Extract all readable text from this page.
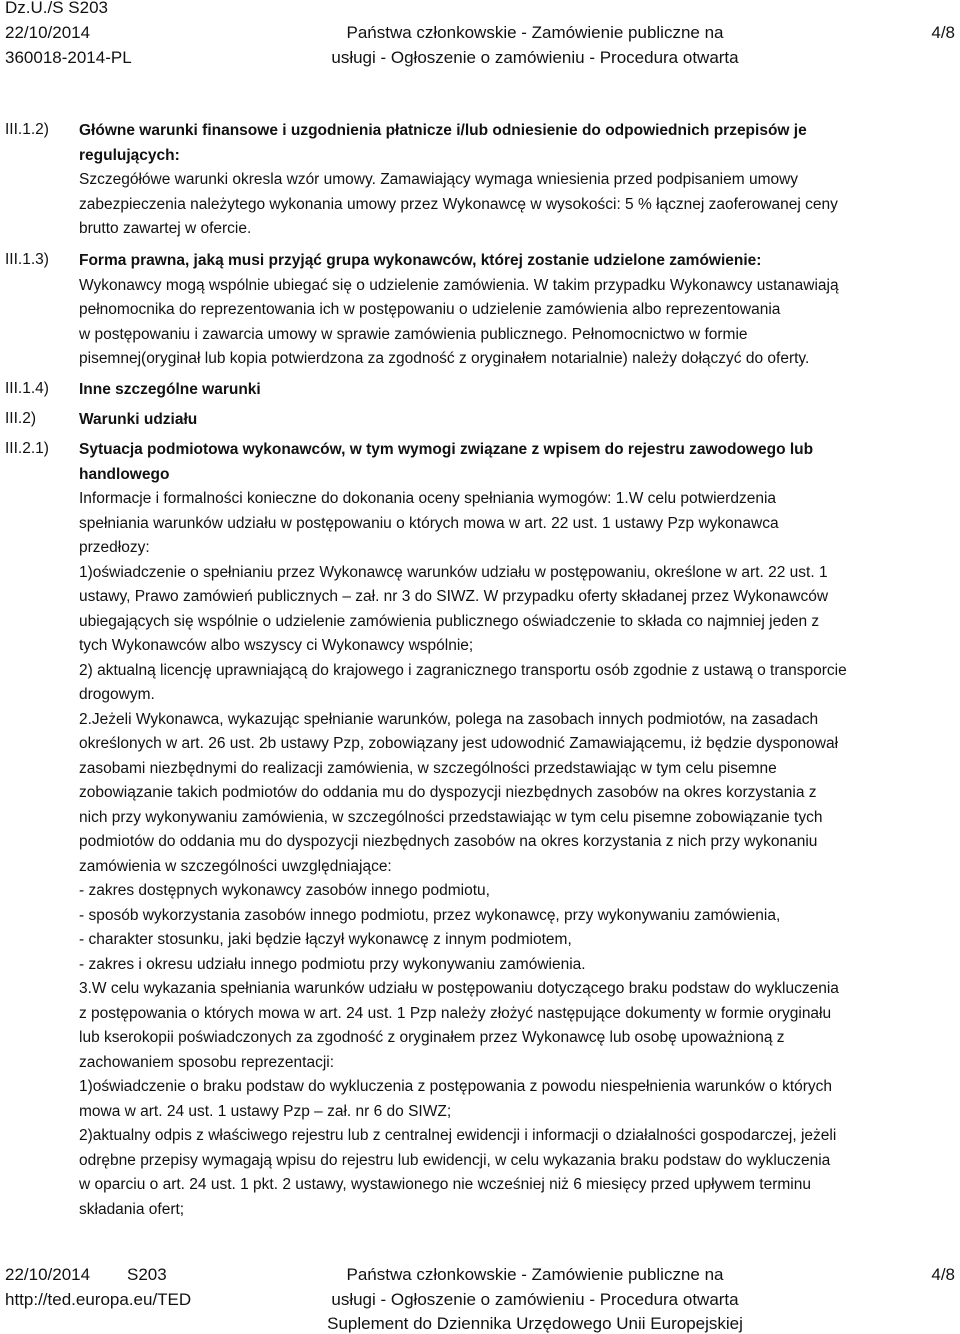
Dz.U./S S203
22/10/2014
360018-2014-PL
Państwa członkowskie - Zamówienie publiczne na
usługi - Ogłoszenie o zamówieniu - Procedura otwarta
4/8
III.1.2)
III.1.3)
III.1.4)
III.2)
III.2.1)

Główne warunki finansowe i uzgodnienia płatnicze i/lub odniesienie do odpowiednich przepisów je

regulujących:

Szczegółówe warunki okresla wzór umowy. Zamawiający wymaga wniesienia przed podpisaniem umowy

zabezpieczenia należytego wykonania umowy przez Wykonawcę w wysokości: 5 % łącznej zaoferowanej ceny

brutto zawartej w ofercie.

Forma prawna, jaką musi przyjąć grupa wykonawców, której zostanie udzielone zamówienie:

Wykonawcy mogą wspólnie ubiegać się o udzielenie zamówienia. W takim przypadku Wykonawcy ustanawiają

pełnomocnika do reprezentowania ich w postępowaniu o udzielenie zamówienia albo reprezentowania

w postępowaniu i zawarcia umowy w sprawie zamówienia publicznego. Pełnomocnictwo w formie

pisemnej(oryginał lub kopia potwierdzona za zgodność z oryginałem notarialnie) należy dołączyć do oferty.

Inne szczególne warunki

Warunki udziału

Sytuacja podmiotowa wykonawców, w tym wymogi związane z wpisem do rejestru zawodowego lub

handlowego

Informacje i formalności konieczne do dokonania oceny spełniania wymogów: 1.W celu potwierdzenia

spełniania warunków udziału w postępowaniu o których mowa w art. 22 ust. 1 ustawy Pzp wykonawca

przedłozy:

1)oświadczenie o spełnianiu przez Wykonawcę warunków udziału w postępowaniu, określone w art. 22 ust. 1

ustawy, Prawo zamówień publicznych – zał. nr 3 do SIWZ. W przypadku oferty składanej przez Wykonawców

ubiegających się wspólnie o udzielenie zamówienia publicznego oświadczenie to składa co najmniej jeden z

tych Wykonawców albo wszyscy ci Wykonawcy wspólnie;

2) aktualną licencję uprawniającą do krajowego i zagranicznego transportu osób zgodnie z ustawą o transporcie

drogowym.

2.Jeżeli Wykonawca, wykazując spełnianie warunków, polega na zasobach innych podmiotów, na zasadach

określonych w art. 26 ust. 2b ustawy Pzp, zobowiązany jest udowodnić Zamawiającemu, iż będzie dysponował

zasobami niezbędnymi do realizacji zamówienia, w szczególności przedstawiając w tym celu pisemne

zobowiązanie takich podmiotów do oddania mu do dyspozycji niezbędnych zasobów na okres korzystania z

nich przy wykonywaniu zamówienia, w szczególności przedstawiając w tym celu pisemne zobowiązanie tych

podmiotów do oddania mu do dyspozycji niezbędnych zasobów na okres korzystania z nich przy wykonaniu

zamówienia w szczególności uwzględniające:

- zakres dostępnych wykonawcy zasobów innego podmiotu,

- sposób wykorzystania zasobów innego podmiotu, przez wykonawcę, przy wykonywaniu zamówienia,

- charakter stosunku, jaki będzie łączył wykonawcę z innym podmiotem,

- zakres i okresu udziału innego podmiotu przy wykonywaniu zamówienia.

3.W celu wykazania spełniania warunków udziału w postępowaniu dotyczącego braku podstaw do wykluczenia

z postępowania o których mowa w art. 24 ust. 1 Pzp należy złożyć następujące dokumenty w formie oryginału

lub kserokopii poświadczonych za zgodność z oryginałem przez Wykonawcę lub osobę upoważnioną z

zachowaniem sposobu reprezentacji:

1)oświadczenie o braku podstaw do wykluczenia z postępowania z powodu niespełnienia warunków o których

mowa w art. 24 ust. 1 ustawy Pzp – zał. nr 6 do SIWZ;

2)aktualny odpis z właściwego rejestru lub z centralnej ewidencji i informacji o działalności gospodarczej, jeżeli

odrębne przepisy wymagają wpisu do rejestru lub ewidencji, w celu wykazania braku podstaw do wykluczenia

w oparciu o art. 24 ust. 1 pkt. 2 ustawy, wystawionego nie wcześniej niż 6 miesięcy przed upływem terminu

składania ofert;

22/10/2014 S203
http://ted.europa.eu/TED
Państwa członkowskie - Zamówienie publiczne na
usługi - Ogłoszenie o zamówieniu - Procedura otwarta
Suplement do Dziennika Urzędowego Unii Europejskiej
4/8
